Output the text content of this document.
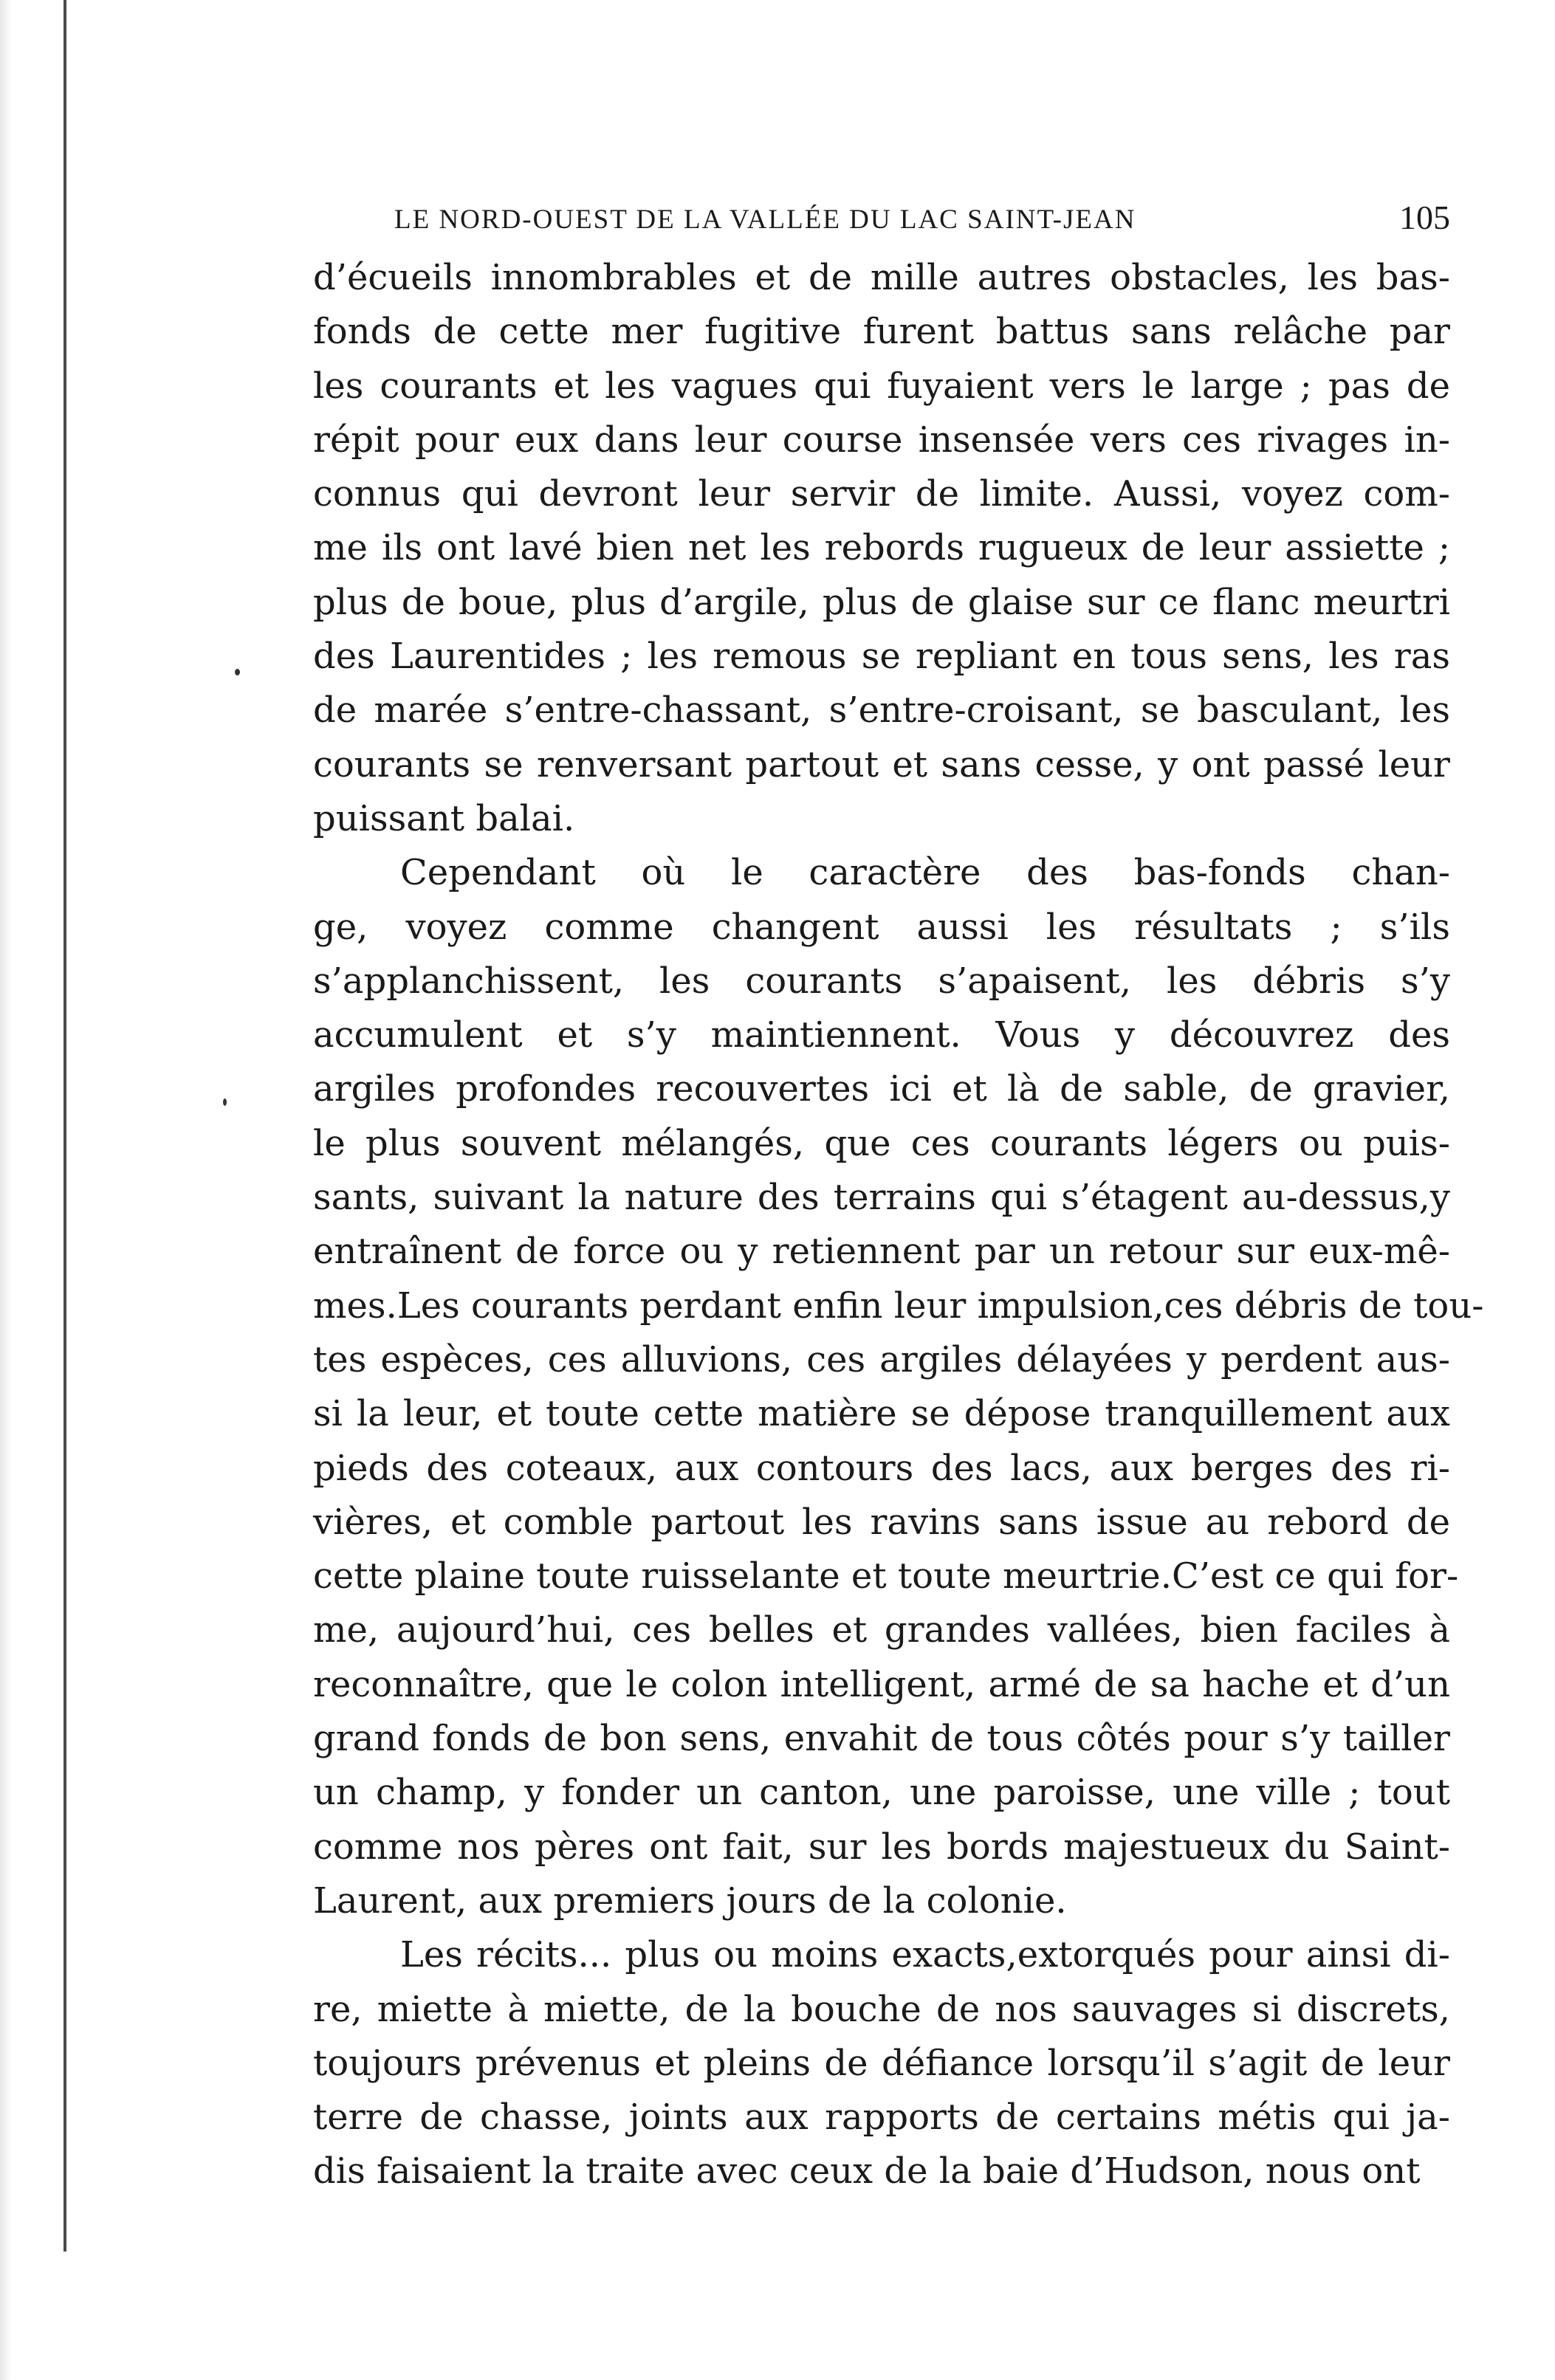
LE NORD-OUEST DE LA VALLÉE DU LAC SAINT-JEAN	105
d’écueils innombrables et de mille autres obstacles, les bas-
fonds de cette mer fugitive furent battus sans relâche par
les courants et les vagues qui fuyaient vers le large ; pas de
répit pour eux dans leur course insensée vers ces rivages in-
connus qui devront leur servir de limite. Aussi, voyez com-
me ils ont lavé bien net les rebords rugueux de leur assiette ;
plus de boue, plus d’argile, plus de glaise sur ce flanc meurtri
des Laurentides ; les remous se repliant en tous sens, les ras
de marée s’entre-chassant, s’entre-croisant, se basculant, les
courants se renversant partout et sans cesse, y ont passé leur
puissant balai.
Cependant où le caractère des bas-fonds chan-
ge, voyez comme changent aussi les résultats ; s’ils
s’applanchissent, les courants s’apaisent, les débris s’y
accumulent et s’y maintiennent. Vous y découvrez des
argiles profondes recouvertes ici et là de sable, de gravier,
le plus souvent mélangés, que ces courants légers ou puis-
sants, suivant la nature des terrains qui s’étagent au-dessus,y
entraînent de force ou y retiennent par un retour sur eux-mê-
mes.Les courants perdant enfin leur impulsion,ces débris de tou-
tes espèces, ces alluvions, ces argiles délayées y perdent aus-
si la leur, et toute cette matière se dépose tranquillement aux
pieds des coteaux, aux contours des lacs, aux berges des ri-
vières, et comble partout les ravins sans issue au rebord de
cette plaine toute ruisselante et toute meurtrie.C’est ce qui for-
me, aujourd’hui, ces belles et grandes vallées, bien faciles à
reconnaître, que le colon intelligent, armé de sa hache et d’un
grand fonds de bon sens, envahit de tous côtés pour s’y tailler
un champ, y fonder un canton, une paroisse, une ville ; tout
comme nos pères ont fait, sur les bords majestueux du Saint-
Laurent, aux premiers jours de la colonie.
Les récits... plus ou moins exacts,extorqués pour ainsi di-
re, miette à miette, de la bouche de nos sauvages si discrets,
toujours prévenus et pleins de défiance lorsqu’il s’agit de leur
terre de chasse, joints aux rapports de certains métis qui ja-
dis faisaient la traite avec ceux de la baie d’Hudson, nous ont
